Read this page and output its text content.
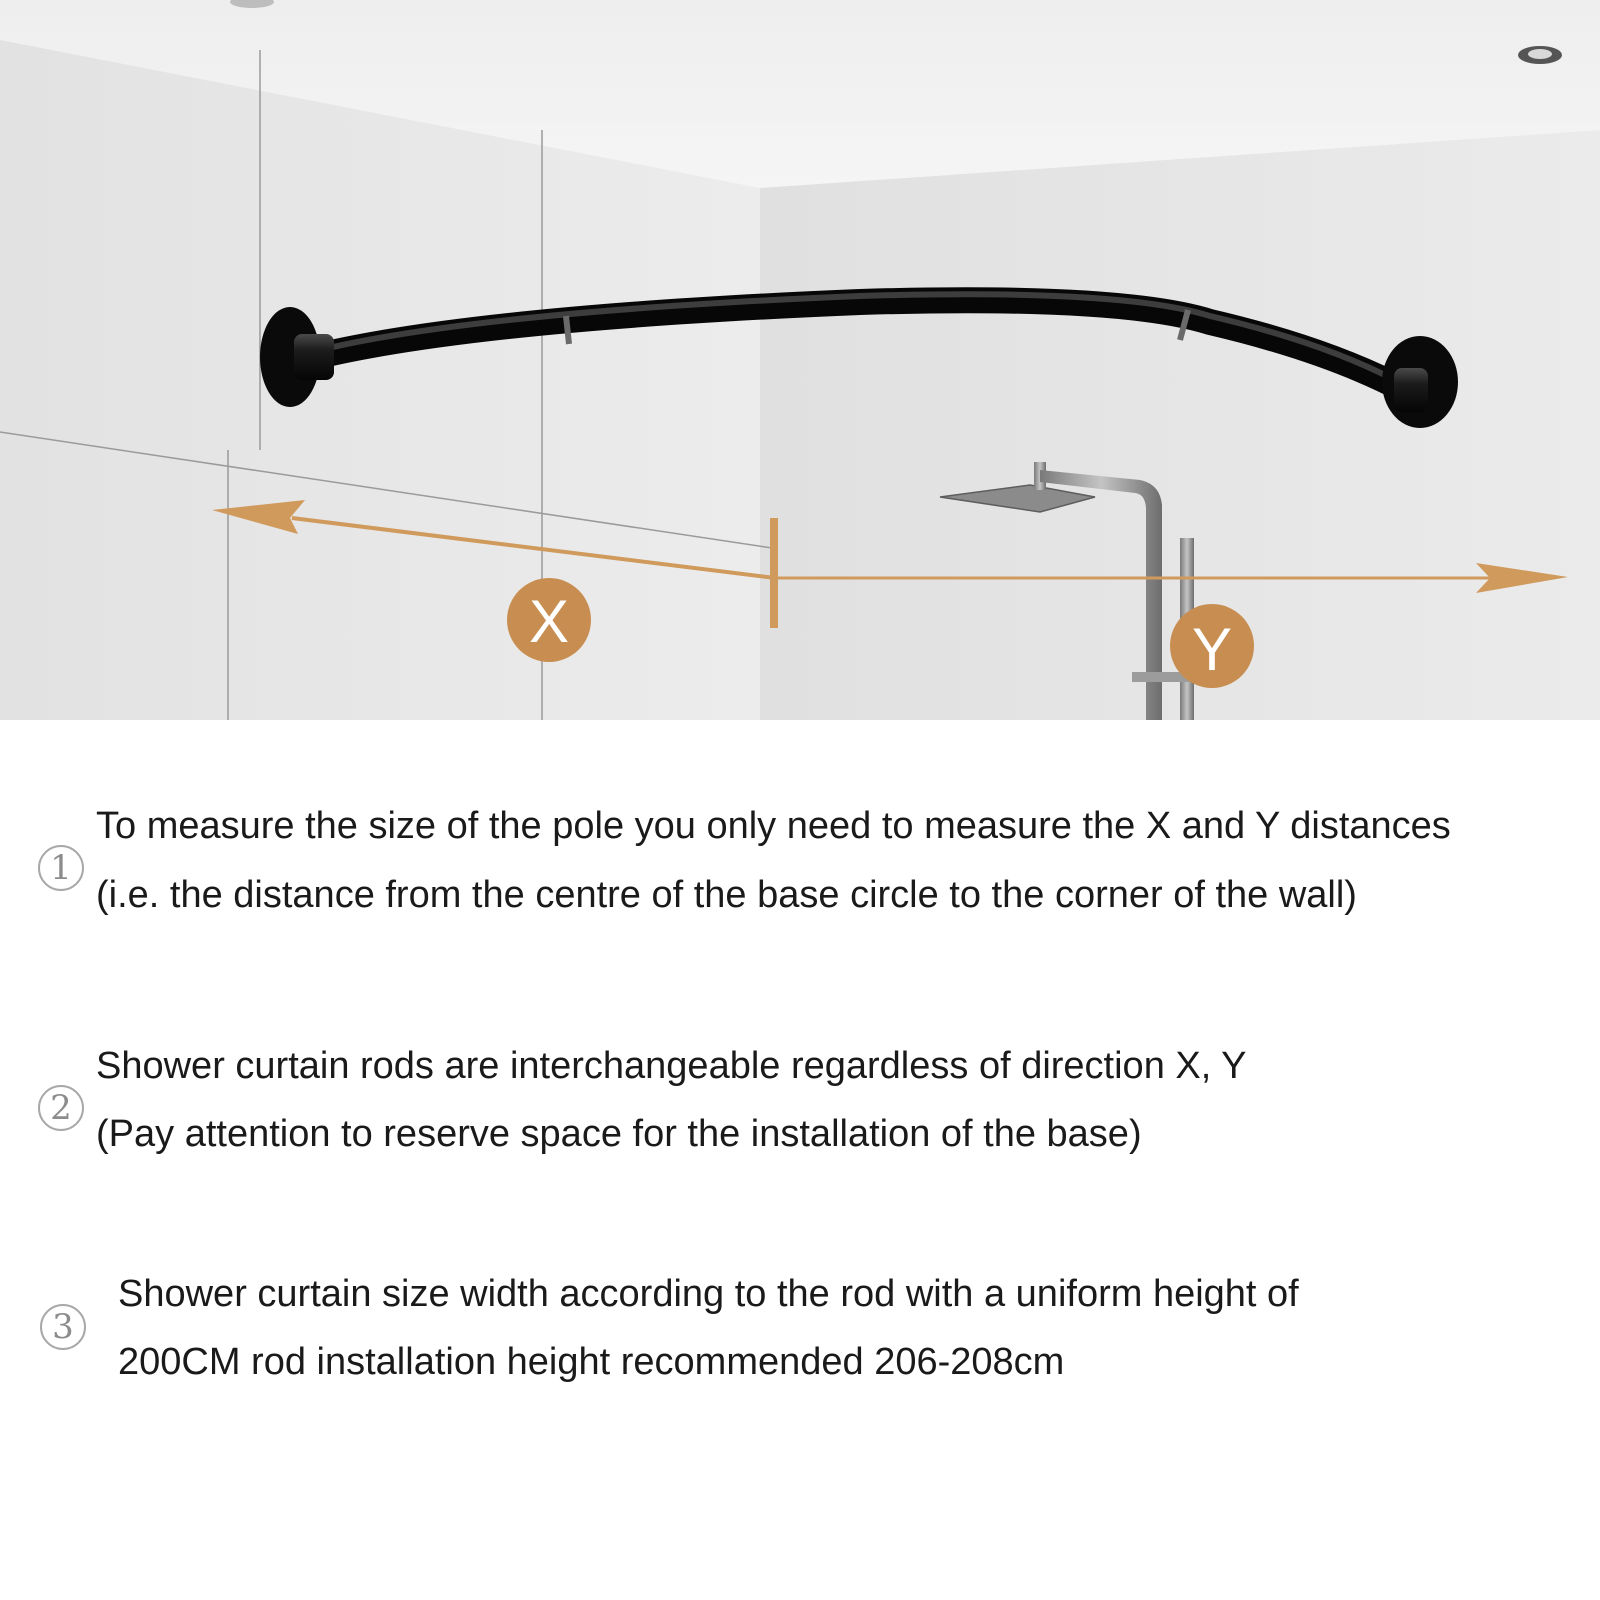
X	Y
1
To measure the size of the pole you only need to measure the X and Y distances
(i.e. the distance from the centre of the base circle to the corner of the wall)
2
Shower curtain rods are interchangeable regardless of direction X, Y
(Pay attention to reserve space for the installation of the base)
3
Shower curtain size width according to the rod with a uniform height of
200CM rod installation height recommended 206-208cm
